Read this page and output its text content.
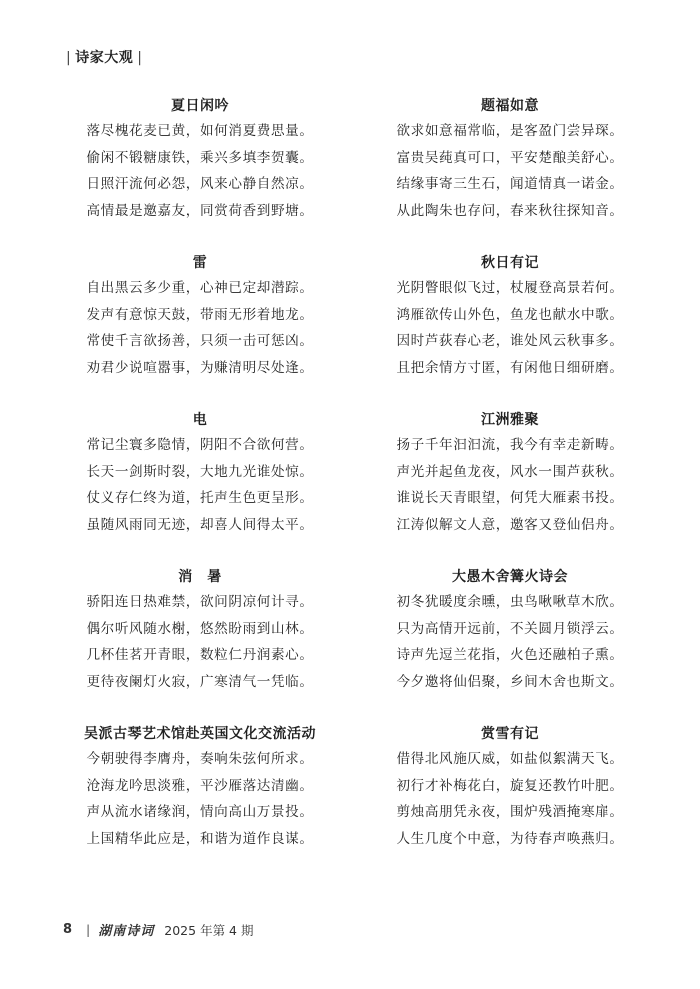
| 诗家大观 |
夏日闲吟
落尽槐花麦已黄，如何消夏费思量。
偷闲不锻糖康铁，乘兴多填李贺囊。
日照汗流何必怨，风来心静自然凉。
高情最是邀嘉友，同赏荷香到野塘。
雷
自出黑云多少重，心神已定却潜踪。
发声有意惊天鼓，带雨无形着地龙。
常使千言欲扬善，只须一击可惩凶。
劝君少说喧嚣事，为赚清明尽处逢。
电
常记尘寰多隐情，阴阳不合欲何营。
长天一剑斯时裂，大地九光谁处惊。
仗义存仁终为道，托声生色更呈形。
虽随风雨同无迹，却喜人间得太平。
消　暑
骄阳连日热难禁，欲问阴凉何计寻。
偶尔听风随水榭，悠然盼雨到山林。
几杯佳茗开青眼，数粒仁丹润素心。
更待夜阑灯火寂，广寒清气一凭临。
吴派古琴艺术馆赴英国文化交流活动
今朝驶得李膺舟，奏响朱弦何所求。
沧海龙吟思淡雅，平沙雁落达清幽。
声从流水诸缘润，情向高山万景投。
上国精华此应是，和谐为道作良谋。
题福如意
欲求如意福常临，是客盈门尝异琛。
富贵吴莼真可口，平安楚酿美舒心。
结缘事寄三生石，闻道情真一诺金。
从此陶朱也存问，春来秋往探知音。
秋日有记
光阴瞥眼似飞过，杖履登高景若何。
鸿雁欲传山外色，鱼龙也献水中歌。
因时芦荻春心老，谁处风云秋事多。
且把余情方寸匿，有闲他日细研磨。
江洲雅聚
扬子千年汩汩流，我今有幸走新畴。
声光并起鱼龙夜，风水一围芦荻秋。
谁说长天青眼望，何凭大雁素书投。
江涛似解文人意，邀客又登仙侣舟。
大愚木舍篝火诗会
初冬犹暖度余曛，虫鸟啾啾草木欣。
只为高情开远前，不关圆月锁浮云。
诗声先逗兰花指，火色还融柏子熏。
今夕邀将仙侣聚，乡间木舍也斯文。
赏雪有记
借得北风施仄威，如盐似絮满天飞。
初行才补梅花白，旋复还教竹叶肥。
剪烛高朋凭永夜，围炉残酒掩寒扉。
人生几度个中意，为待春声唤燕归。
8 | 湖南诗词 2025 年第 4 期
